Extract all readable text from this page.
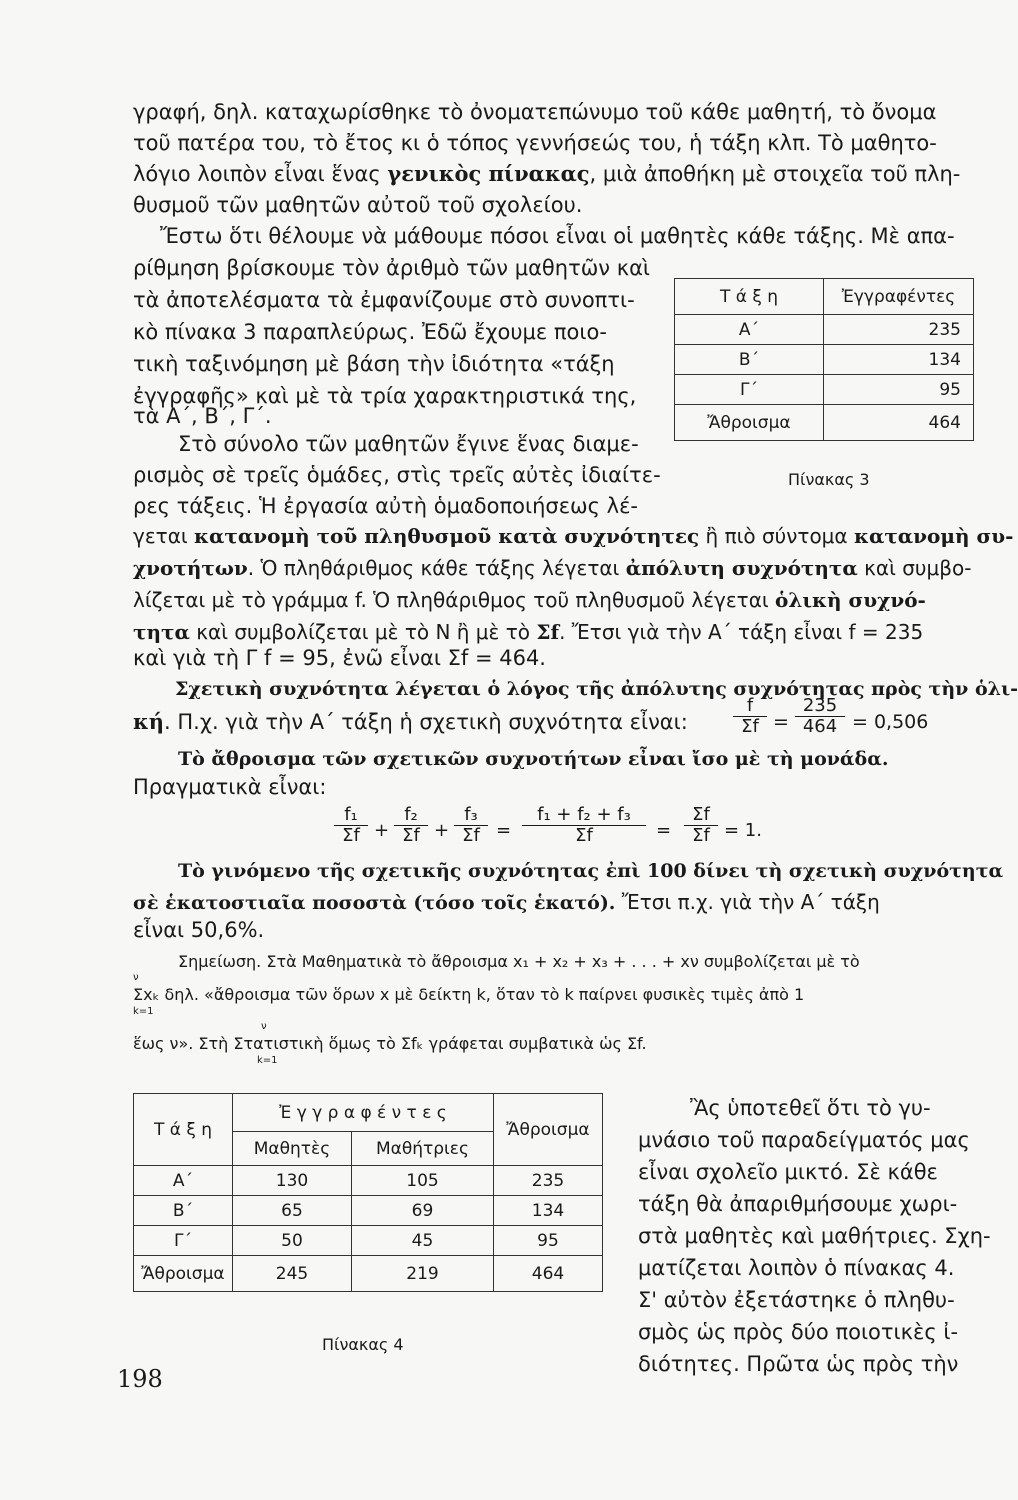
γραφή, δηλ. καταχωρίσθηκε τὸ ὀνοματεπώνυμο τοῦ κάθε μαθητή, τὸ ὄνομα
τοῦ πατέρα του, τὸ ἔτος κι ὁ τόπος γεννήσεώς του, ἡ τάξη κλπ. Τὸ μαθητο-
λόγιο λοιπὸν εἶναι ἕνας γενικὸς πίνακας, μιὰ ἀποθήκη μὲ στοιχεῖα τοῦ πλη-
θυσμοῦ τῶν μαθητῶν αὐτοῦ τοῦ σχολείου.
Ἔστω ὅτι θέλουμε νὰ μάθουμε πόσοι εἶναι οἱ μαθητὲς κάθε τάξης. Μὲ απα-
ρίθμηση βρίσκουμε τὸν ἀριθμὸ τῶν μαθητῶν καὶ
τὰ ἀποτελέσματα τὰ ἐμφανίζουμε στὸ συνοπτι-
κὸ πίνακα 3 παραπλεύρως. Ἐδῶ ἔχουμε ποιο-
τικὴ ταξινόμηση μὲ βάση τὴν ἰδιότητα «τάξη
ἐγγραφῆς» καὶ μὲ τὰ τρία χαρακτηριστικά της,
τὰ Α΄, Β΄, Γ΄.
Στὸ σύνολο τῶν μαθητῶν ἔγινε ἕνας διαμε-
ρισμὸς σὲ τρεῖς ὁμάδες, στὶς τρεῖς αὐτὲς ἰδιαίτε-
ρες τάξεις. Ἡ ἐργασία αὐτὴ ὁμαδοποιήσεως λέ-
γεται κατανομὴ τοῦ πληθυσμοῦ κατὰ συχνότητες ἢ πιὸ σύντομα κατανομὴ συ-
χνοτήτων. Ὁ πληθάριθμος κάθε τάξης λέγεται ἀπόλυτη συχνότητα καὶ συμβο-
λίζεται μὲ τὸ γράμμα f. Ὁ πληθάριθμος τοῦ πληθυσμοῦ λέγεται ὁλικὴ συχνό-
τητα καὶ συμβολίζεται μὲ τὸ Ν ἢ μὲ τὸ Σf. Ἔτσι γιὰ τὴν Α΄ τάξη εἶναι f = 235
καὶ γιὰ τὴ Γ f = 95, ἐνῶ εἶναι Σf = 464.
Σχετικὴ συχνότητα λέγεται ὁ λόγος τῆς ἀπόλυτης συχνότητας πρὸς τὴν ὁλι-
κή. Π.χ. γιὰ τὴν Α΄ τάξη ἡ σχετικὴ συχνότητα εἶναι:	$\frac{f}{\Sigma f} = \frac{235}{464} = 0,506$
Τὸ ἄθροισμα τῶν σχετικῶν συχνοτήτων εἶναι ἴσο μὲ τὴ μονάδα.
Πραγματικὰ εἶναι:
$\frac{\text{f₁}}{\Sigma f} + \frac{\text{f₂}}{\Sigma f} + \frac{\text{f₃}}{\Sigma f} = \frac{\text{f₁ + f₂ + f₃}}{\Sigma f} = \frac{\Sigma f}{\Sigma f} = 1$.
Τὸ γινόμενο τῆς σχετικῆς συχνότητας ἐπὶ 100 δίνει τὴ σχετικὴ συχνότητα
σὲ ἑκατοστιαῖα ποσοστὰ (τόσο τοῖς ἑκατό). Ἔτσι π.χ. γιὰ τὴν Α΄ τάξη
εἶναι 50,6%.
Σημείωση. Στὰ Μαθηματικὰ τὸ ἄθροισμα x₁ + x₂ + x₃ + . . . + xν συμβολίζεται μὲ τὸ
ν
Σxₖ δηλ. «ἄθροισμα τῶν ὅρων x μὲ δείκτη k, ὅταν τὸ k παίρνει φυσικὲς τιμὲς ἀπὸ 1
k=1
ν
ἕως ν». Στὴ Στατιστικὴ ὅμως τὸ Σfₖ γράφεται συμβατικὰ ὡς Σf.
k=1
Τ ά ξ η	Ἐγγραφέντες
Α΄	235
Β΄	134
Γ΄	95
Ἄθροισμα	464
Πίνακας 3
Τ ά ξ η	Ἐ γ γ ρ α φ έ ν τ ε ς		Ἄθροισμα
	Μαθητὲς	Μαθήτριες	
Α΄	130	105	235
Β΄	65	69	134
Γ΄	50	45	95
Ἄθροισμα	245	219	464
Πίνακας 4
Ἂς ὑποτεθεῖ ὅτι τὸ γυ-
μνάσιο τοῦ παραδείγματός μας
εἶναι σχολεῖο μικτό. Σὲ κάθε
τάξη θὰ ἀπαριθμήσουμε χωρι-
στὰ μαθητὲς καὶ μαθήτριες. Σχη-
ματίζεται λοιπὸν ὁ πίνακας 4.
Σ' αὐτὸν ἐξετάστηκε ὁ πληθυ-
σμὸς ὡς πρὸς δύο ποιοτικὲς ἰ-
διότητες. Πρῶτα ὡς πρὸς τὴν
198
